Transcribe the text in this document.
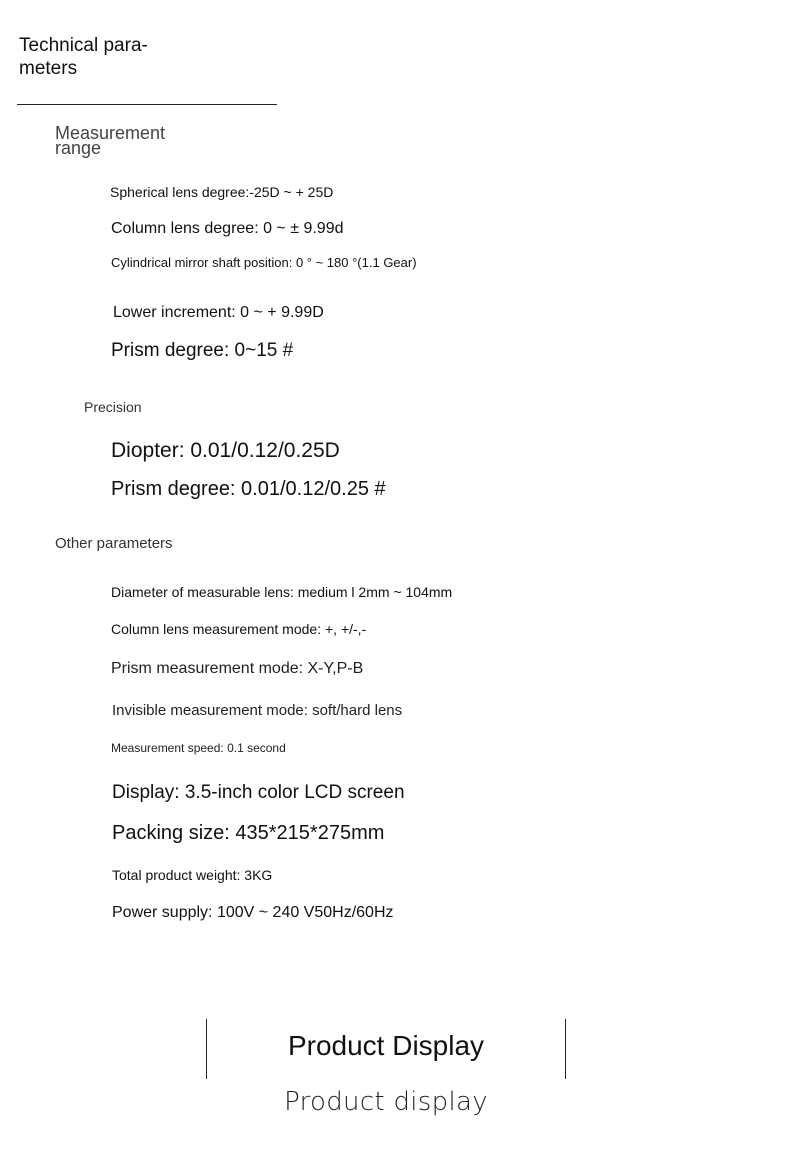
Technical para-
meters
Measurement range
Spherical lens degree:-25D ~ + 25D
Column lens degree: 0 ~ ± 9.99d
Cylindrical mirror shaft position: 0 ° ~ 180 °(1.1 Gear)
Lower increment: 0 ~ + 9.99D
Prism degree: 0~15 #
Precision
Diopter: 0.01/0.12/0.25D
Prism degree: 0.01/0.12/0.25 #
Other parameters
Diameter of measurable lens: medium l 2mm ~ 104mm
Column lens measurement mode: +, +/-,-
Prism measurement mode: X-Y,P-B
Invisible measurement mode: soft/hard lens
Measurement speed: 0.1 second
Display: 3.5-inch color LCD screen
Packing size: 435*215*275mm
Total product weight: 3KG
Power supply: 100V ~ 240 V50Hz/60Hz
Product Display
Product display
